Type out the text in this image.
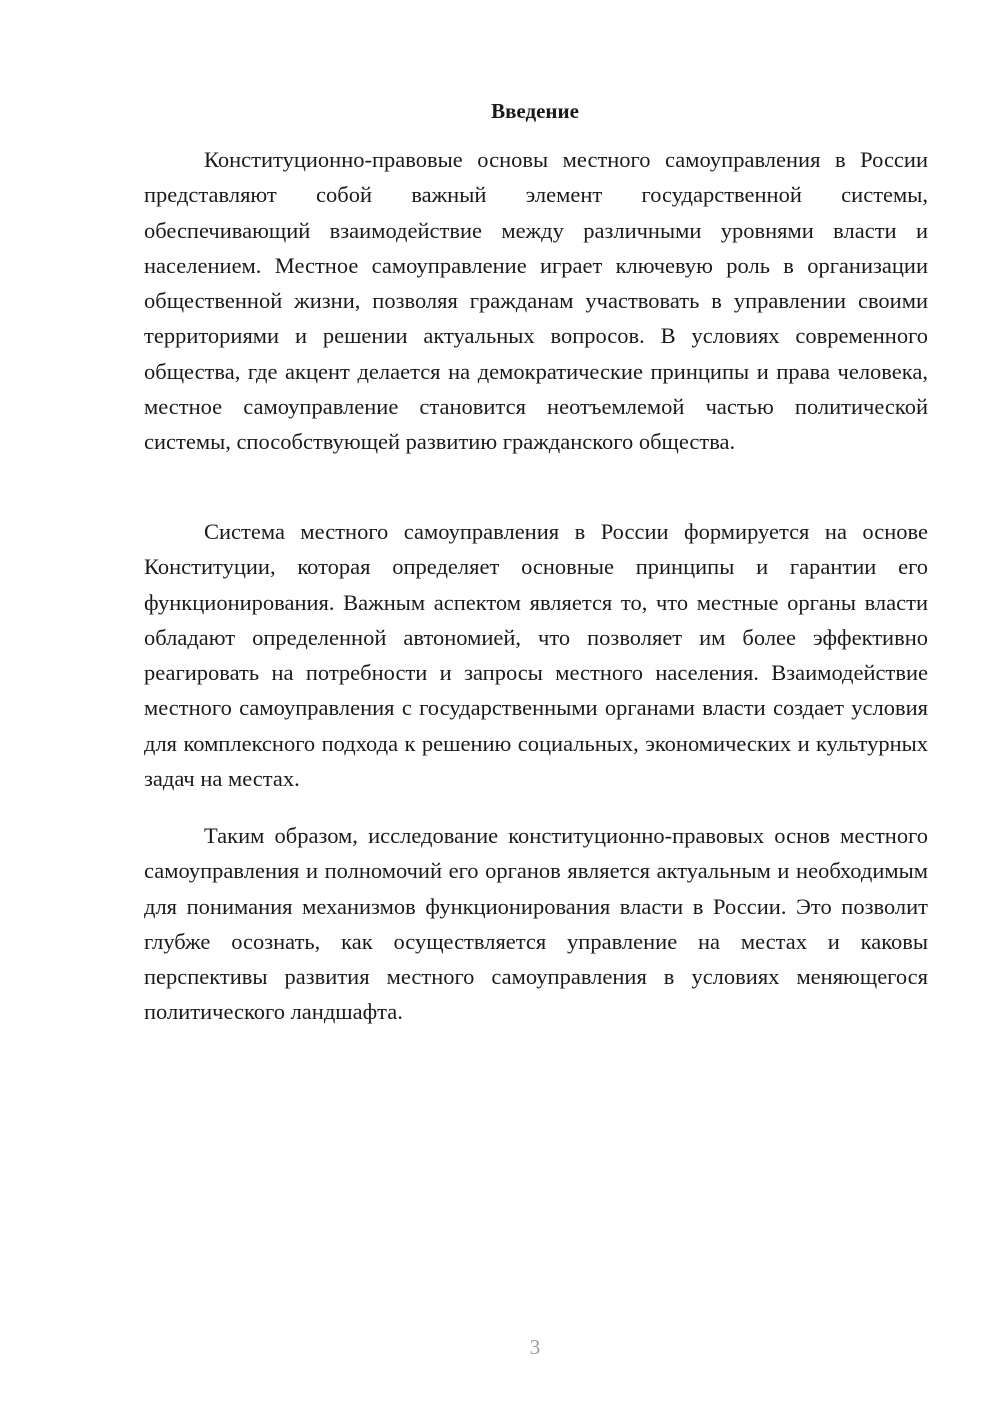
Введение

Конституционно-правовые основы местного самоуправления в России представляют собой важный элемент государственной системы, обеспечивающий взаимодействие между различными уровнями власти и населением. Местное самоуправление играет ключевую роль в организации общественной жизни, позволяя гражданам участвовать в управлении своими территориями и решении актуальных вопросов. В условиях современного общества, где акцент делается на демократические принципы и права человека, местное самоуправление становится неотъемлемой частью политической системы, способствующей развитию гражданского общества.

Система местного самоуправления в России формируется на основе Конституции, которая определяет основные принципы и гарантии его функционирования. Важным аспектом является то, что местные органы власти обладают определенной автономией, что позволяет им более эффективно реагировать на потребности и запросы местного населения. Взаимодействие местного самоуправления с государственными органами власти создает условия для комплексного подхода к решению социальных, экономических и культурных задач на местах.

Таким образом, исследование конституционно-правовых основ местного самоуправления и полномочий его органов является актуальным и необходимым для понимания механизмов функционирования власти в России. Это позволит глубже осознать, как осуществляется управление на местах и каковы перспективы развития местного самоуправления в условиях меняющегося политического ландшафта.

3
